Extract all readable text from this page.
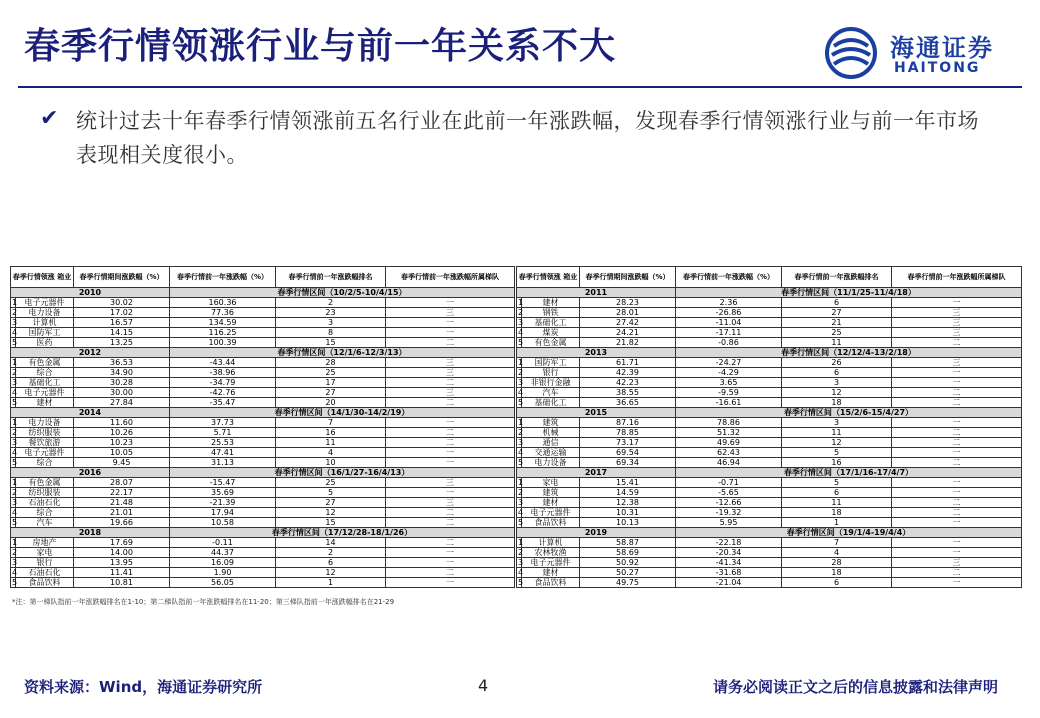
春季行情领涨行业与前一年关系不大	海通证券
HAITONG
✔ 统计过去十年春季行情领涨前五名行业在此前一年涨跌幅，发现春季行情领涨行业与前一年市场表现相关度很小。
春季行情领涨 箱业		春季行情期间涨跌幅（%）	春季行情前一年涨跌幅（%）	春季行情前一年涨跌幅排名	春季行情前一年涨跌幅所属梯队
2010			春季行情区间（10/2/5-10/4/15）		
1	电子元器件	30.02	160.36	2	一
2	电力设备	17.02	77.36	23	三
3	计算机	16.57	134.59	3	一
4	国防军工	14.15	116.25	8	一
5	医药	13.25	100.39	15	二
2012			春季行情区间（12/1/6-12/3/13）		
1	有色金属	36.53	-43.44	28	三
2	综合	34.90	-38.96	25	三
3	基础化工	30.28	-34.79	17	二
4	电子元器件	30.00	-42.76	27	三
5	建材	27.84	-35.47	20	二
2014			春季行情区间（14/1/30-14/2/19）		
1	电力设备	11.60	37.73	7	一
2	纺织服装	10.26	5.71	16	二
3	餐饮旅游	10.23	25.53	11	二
4	电子元器件	10.05	47.41	4	一
5	综合	9.45	31.13	10	一
2016			春季行情区间（16/1/27-16/4/13）		
1	有色金属	28.07	-15.47	25	三
2	纺织服装	22.17	35.69	5	一
3	石油石化	21.48	-21.39	27	三
4	综合	21.01	17.94	12	二
5	汽车	19.66	10.58	15	二
2018			春季行情区间（17/12/28-18/1/26）		
1	房地产	17.69	-0.11	14	二
2	家电	14.00	44.37	2	一
3	银行	13.95	16.09	6	一
4	石油石化	11.41	1.90	12	二
5	食品饮料	10.81	56.05	1	一
春季行情领涨 箱业		春季行情期间涨跌幅（%）	春季行情前一年涨跌幅（%）	春季行情前一年涨跌幅排名	春季行情前一年涨跌幅所属梯队
2011			春季行情区间（11/1/25-11/4/18）		
1	建材	28.23	2.36	6	一
2	钢铁	28.01	-26.86	27	三
3	基础化工	27.42	-11.04	21	三
4	煤炭	24.21	-17.11	25	三
5	有色金属	21.82	-0.86	11	二
2013			春季行情区间（12/12/4-13/2/18）		
1	国防军工	61.71	-24.27	26	三
2	银行	42.39	-4.29	6	一
3	非银行金融	42.23	3.65	3	一
4	汽车	38.55	-9.59	12	二
5	基础化工	36.65	-16.61	18	二
2015			春季行情区间（15/2/6-15/4/27）		
1	建筑	87.16	78.86	3	一
2	机械	78.85	51.32	11	二
3	通信	73.17	49.69	12	二
4	交通运输	69.54	62.43	5	一
5	电力设备	69.34	46.94	16	二
2017			春季行情区间（17/1/16-17/4/7）		
1	家电	15.41	-0.71	5	一
2	建筑	14.59	-5.65	6	一
3	建材	12.38	-12.66	11	二
4	电子元器件	10.31	-19.32	18	二
5	食品饮料	10.13	5.95	1	一
2019			春季行情区间（19/1/4-19/4/4）		
1	计算机	58.87	-22.18	7	一
2	农林牧渔	58.69	-20.34	4	一
3	电子元器件	50.92	-41.34	28	三
4	建材	50.27	-31.68	18	二
5	食品饮料	49.75	-21.04	6	一
*注：第一梯队指前一年涨跌幅排名在1-10；第二梯队指前一年涨跌幅排名在11-20；第三梯队指前一年涨跌幅排名在21-29
资料来源：Wind，海通证券研究所	4	请务必阅读正文之后的信息披露和法律声明
